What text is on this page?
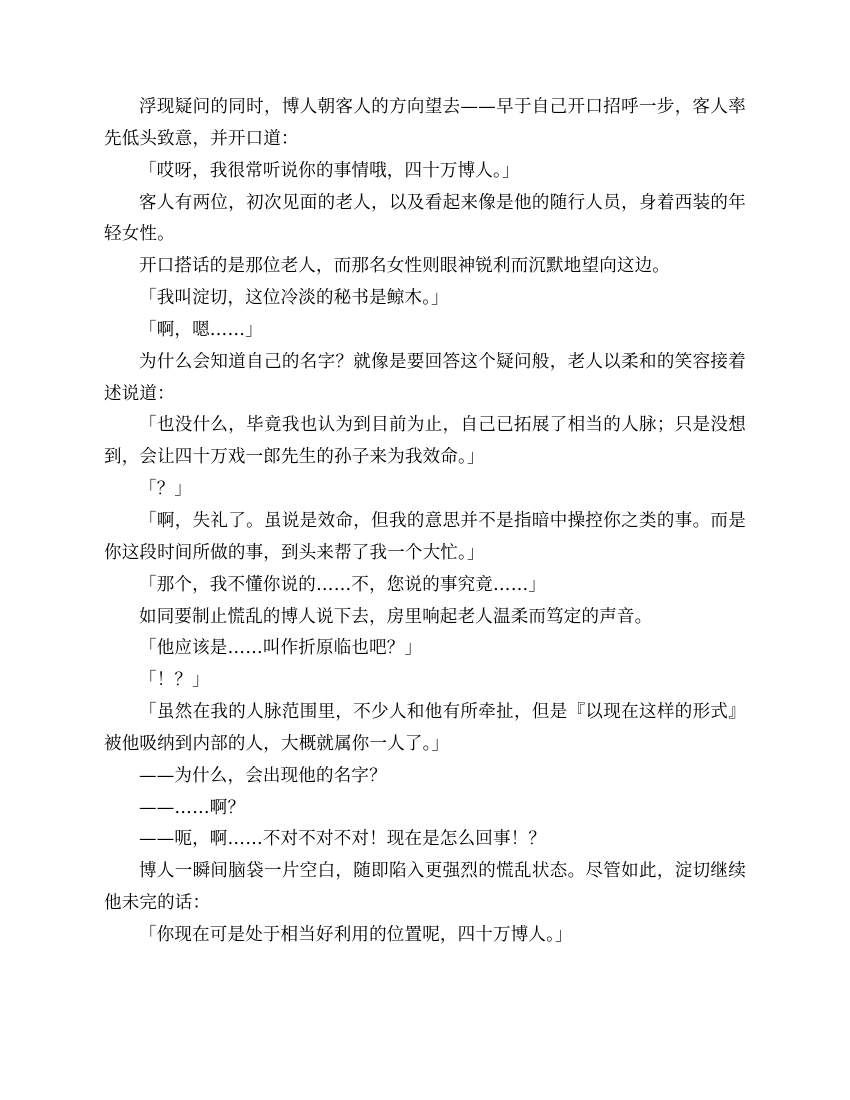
浮现疑问的同时，博人朝客人的方向望去——早于自己开口招呼一步，客人率先低头致意，并开口道：

「哎呀，我很常听说你的事情哦，四十万博人。」

客人有两位，初次见面的老人，以及看起来像是他的随行人员，身着西装的年轻女性。

开口搭话的是那位老人，而那名女性则眼神锐利而沉默地望向这边。

「我叫淀切，这位冷淡的秘书是鲸木。」

「啊，嗯……」

为什么会知道自己的名字？就像是要回答这个疑问般，老人以柔和的笑容接着述说道：

「也没什么，毕竟我也认为到目前为止，自己已拓展了相当的人脉；只是没想到，会让四十万戏一郎先生的孙子来为我效命。」

「？」

「啊，失礼了。虽说是效命，但我的意思并不是指暗中操控你之类的事。而是你这段时间所做的事，到头来帮了我一个大忙。」

「那个，我不懂你说的……不，您说的事究竟……」

如同要制止慌乱的博人说下去，房里响起老人温柔而笃定的声音。

「他应该是……叫作折原临也吧？」

「！？」

「虽然在我的人脉范围里，不少人和他有所牵扯，但是『以现在这样的形式』被他吸纳到内部的人，大概就属你一人了。」

——为什么，会出现他的名字？

——……啊？

——呃，啊……不对不对不对！现在是怎么回事！？

博人一瞬间脑袋一片空白，随即陷入更强烈的慌乱状态。尽管如此，淀切继续他未完的话：

「你现在可是处于相当好利用的位置呢，四十万博人。」
